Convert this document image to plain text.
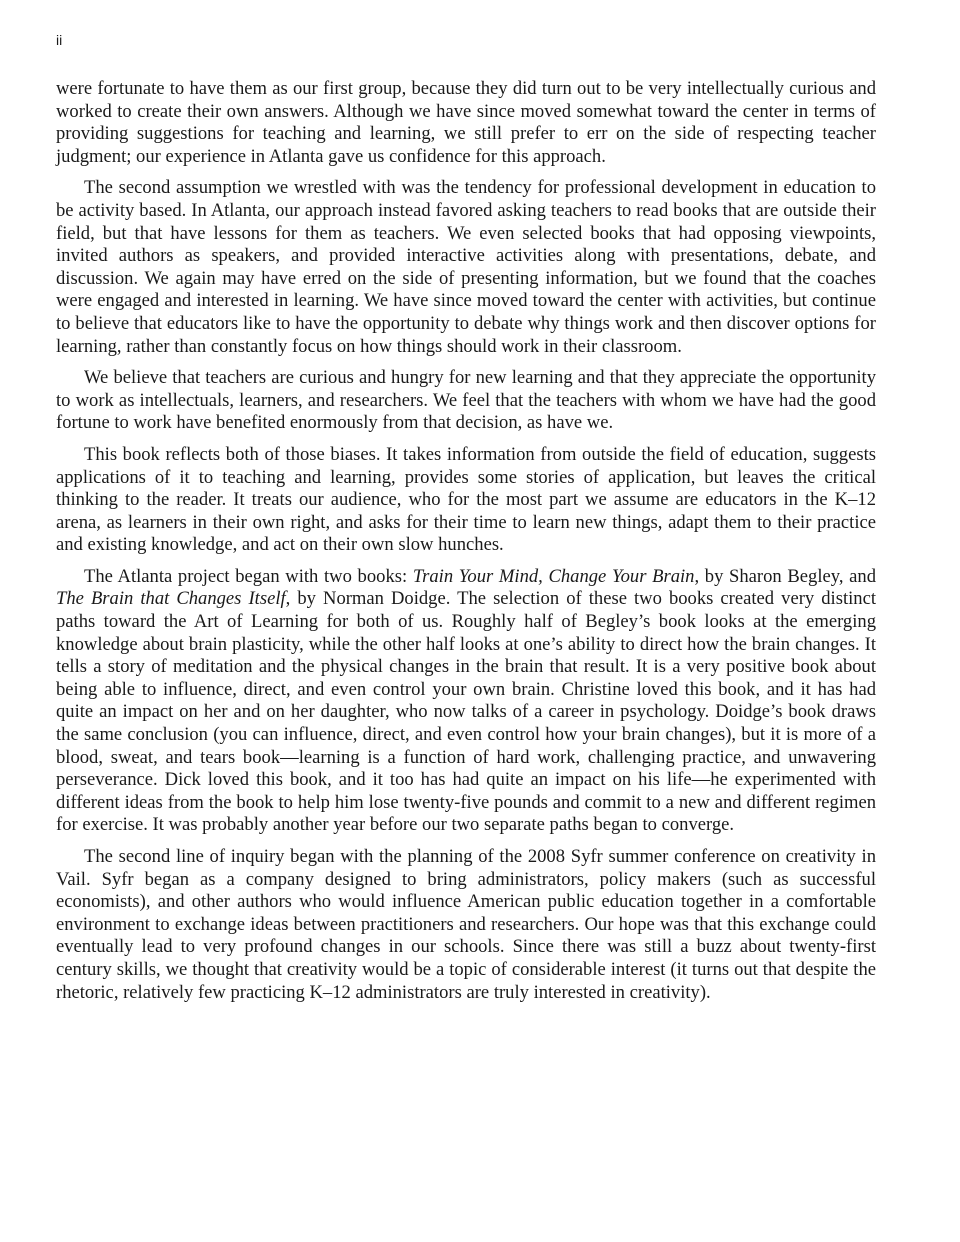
ii

were fortunate to have them as our first group, because they did turn out to be very intellectually curious and worked to create their own answers. Although we have since moved somewhat toward the center in terms of providing suggestions for teaching and learning, we still prefer to err on the side of respecting teacher judgment; our experience in Atlanta gave us confidence for this approach.

The second assumption we wrestled with was the tendency for professional development in education to be activity based. In Atlanta, our approach instead favored asking teachers to read books that are outside their field, but that have lessons for them as teachers. We even selected books that had opposing viewpoints, invited authors as speakers, and provided interactive activities along with presentations, debate, and discussion. We again may have erred on the side of presenting information, but we found that the coaches were engaged and interested in learning. We have since moved toward the center with activities, but continue to believe that educators like to have the opportunity to debate why things work and then discover options for learning, rather than constantly focus on how things should work in their classroom.

We believe that teachers are curious and hungry for new learning and that they appreciate the opportunity to work as intellectuals, learners, and researchers. We feel that the teachers with whom we have had the good fortune to work have benefited enormously from that decision, as have we.

This book reflects both of those biases. It takes information from outside the field of education, suggests applications of it to teaching and learning, provides some stories of application, but leaves the critical thinking to the reader. It treats our audience, who for the most part we assume are educators in the K–12 arena, as learners in their own right, and asks for their time to learn new things, adapt them to their practice and existing knowledge, and act on their own slow hunches.

The Atlanta project began with two books: Train Your Mind, Change Your Brain, by Sharon Begley, and The Brain that Changes Itself, by Norman Doidge. The selection of these two books created very distinct paths toward the Art of Learning for both of us. Roughly half of Begley’s book looks at the emerging knowledge about brain plasticity, while the other half looks at one’s ability to direct how the brain changes. It tells a story of meditation and the physical changes in the brain that result. It is a very positive book about being able to influence, direct, and even control your own brain. Christine loved this book, and it has had quite an impact on her and on her daughter, who now talks of a career in psychology. Doidge’s book draws the same conclusion (you can influence, direct, and even control how your brain changes), but it is more of a blood, sweat, and tears book—learning is a function of hard work, challenging practice, and unwavering perseverance. Dick loved this book, and it too has had quite an impact on his life—he experimented with different ideas from the book to help him lose twenty-five pounds and commit to a new and different regimen for exercise. It was probably another year before our two separate paths began to converge.

The second line of inquiry began with the planning of the 2008 Syfr summer conference on creativity in Vail. Syfr began as a company designed to bring administrators, policy makers (such as successful economists), and other authors who would influence American public education together in a comfortable environment to exchange ideas between practitioners and researchers. Our hope was that this exchange could eventually lead to very profound changes in our schools. Since there was still a buzz about twenty-first century skills, we thought that creativity would be a topic of considerable interest (it turns out that despite the rhetoric, relatively few practicing K–12 administrators are truly interested in creativity).
